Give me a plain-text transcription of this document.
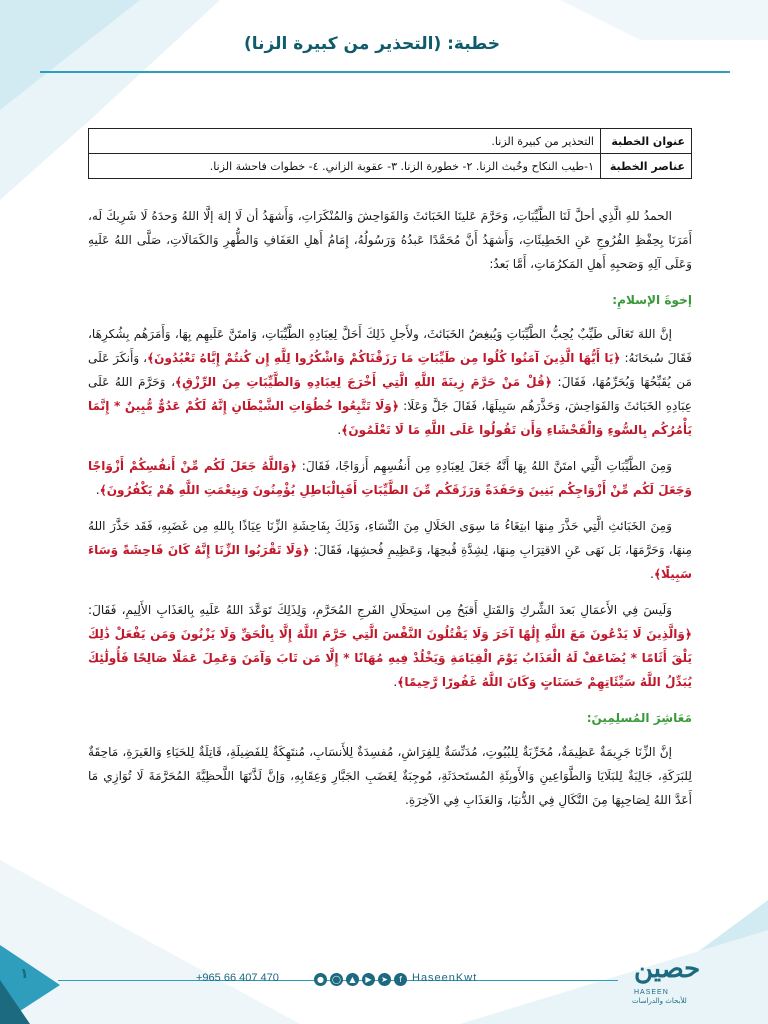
خطبة: (التحذير من كبيرة الزنا)
عنوان الخطبة	التحذير من كبيرة الزنا.
عناصر الخطبة	١-طيب النكاح وخُبث الزنا. ٢- خطورة الزنا. ٣- عقوبة الزاني. ٤- خطوات فاحشة الزنا.

الحمدُ للهِ الَّذِي أحلَّ لَنَا الطَّيِّبَاتِ، وَحَرَّمَ عَلينَا الخَبَائثَ وَالفَوَاحِشَ وَالمُنْكَرَاتِ، وَأَشهَدُ أن لَا إلهَ إلَّا اللهُ وَحدَهُ لَا شَرِيكَ لَه، أَمَرَنَا بِحِفْظِ الفُرُوجِ عَنِ الخَطِيئَاتِ، وَأَشهَدُ أَنَّ مُحَمَّدًا عَبدُهُ وَرَسُولُهُ، إِمَامُ أَهلِ العَفَافِ وَالطُّهرِ وَالكَمَالَاتِ، صَلَّى اللهُ عَلَيهِ وَعَلَى آلِهِ وَصَحبِهِ أَهلِ المَكرُمَاتِ، أَمَّا بَعدُ:

إخوةَ الإسلامِ:

إنَّ اللهَ تَعَالَى طَيِّبٌ يُحِبُّ الطَّيِّبَاتِ وَيُبغِضُ الخَبَائثَ، ولأَجلِ ذَلِكَ أَحَلَّ لِعِبَادِهِ الطَّيِّبَاتِ، وَامتَنَّ عَلَيهِم بِهَا، وَأَمَرَهُم بِشُكرِهَا، فَقَالَ سُبحَانَهُ: ﴿يَا أَيُّهَا الَّذِينَ آمَنُوا كُلُوا مِن طَيِّبَاتِ مَا رَزَقْنَاكُمْ وَاشْكُرُوا لِلَّهِ إِن كُنتُمْ إِيَّاهُ تَعْبُدُونَ﴾، وَأَنكَرَ عَلَى مَن يُقَبِّحُهَا وَيُحَرِّمُهَا، فَقَالَ: ﴿قُلْ مَنْ حَرَّمَ زِينَةَ اللَّهِ الَّتِي أَخْرَجَ لِعِبَادِهِ وَالطَّيِّبَاتِ مِنَ الرِّزْقِ﴾، وَحَرَّمَ اللهُ عَلَى عِبَادِهِ الخَبَائثَ وَالفَوَاحِشَ، وَحَذَّرَهُم سَبِيلَهَا، فَقَالَ جَلَّ وَعَلَا: ﴿وَلَا تَتَّبِعُوا خُطُوَاتِ الشَّيْطَانِ إِنَّهُ لَكُمْ عَدُوٌّ مُّبِينٌ * إِنَّمَا يَأْمُرُكُم بِالسُّوءِ وَالْفَحْشَاءِ وَأَن تَقُولُوا عَلَى اللَّهِ مَا لَا تَعْلَمُونَ﴾.

وَمِنَ الطَّيِّبَاتِ الَّتِي امتَنَّ اللهُ بِهَا أَنَّهُ جَعَلَ لِعِبَادِهِ مِن أَنفُسِهِم أَزوَاجًا، فَقَالَ: ﴿وَاللَّهُ جَعَلَ لَكُم مِّنْ أَنفُسِكُمْ أَزْوَاجًا وَجَعَلَ لَكُم مِّنْ أَزْوَاجِكُم بَنِينَ وَحَفَدَةً وَرَزَقَكُم مِّنَ الطَّيِّبَاتِ أَفَبِالْبَاطِلِ يُؤْمِنُونَ وَبِنِعْمَتِ اللَّهِ هُمْ يَكْفُرُونَ﴾.

وَمِنَ الخَبَائثِ الَّتِي حَذَّرَ مِنهَا ابتِغَاءُ مَا سِوَى الحَلَالِ مِنَ النِّسَاءِ، وَذَلِكَ بِفَاحِشَةِ الزِّنَا عِيَاذًا بِاللهِ مِن غَضَبِهِ، فَقَد حَذَّرَ اللهُ مِنهَا، وَحَرَّمَهَا، بَل نَهَى عَنِ الاقتِرَابِ مِنهَا، لِشِدَّةِ قُبحِهَا، وَعَظِيمِ فُحشِهَا، فَقَالَ: ﴿وَلَا تَقْرَبُوا الزِّنَا إِنَّهُ كَانَ فَاحِشَةً وَسَاءَ سَبِيلًا﴾.

وَلَيسَ فِي الأَعمَالِ بَعدَ الشِّركِ وَالقَتلِ أَقبَحُ مِن استِحلَالِ الفَرجِ المُحَرَّمِ، وَلِذَلِكَ تَوَعَّدَ اللهُ عَلَيهِ بِالعَذَابِ الأَلِيمِ، فَقَالَ: ﴿وَالَّذِينَ لَا يَدْعُونَ مَعَ اللَّهِ إِلَٰهًا آخَرَ وَلَا يَقْتُلُونَ النَّفْسَ الَّتِي حَرَّمَ اللَّهُ إِلَّا بِالْحَقِّ وَلَا يَزْنُونَ وَمَن يَفْعَلْ ذَٰلِكَ يَلْقَ أَثَامًا * يُضَاعَفْ لَهُ الْعَذَابُ يَوْمَ الْقِيَامَةِ وَيَخْلُدْ فِيهِ مُهَانًا * إِلَّا مَن تَابَ وَآمَنَ وَعَمِلَ عَمَلًا صَالِحًا فَأُولَٰئِكَ يُبَدِّلُ اللَّهُ سَيِّئَاتِهِمْ حَسَنَاتٍ وَكَانَ اللَّهُ غَفُورًا رَّحِيمًا﴾.

مَعَاشِرَ المُسلِمِينَ:

إنَّ الزِّنَا جَرِيمَةٌ عَظِيمَةٌ، مُخَرِّبَةٌ لِلبُيُوتِ، مُدَنِّسَةٌ لِلفِرَاشِ، مُفسِدَةٌ لِلأَنسَابِ، مُنتَهِكَةٌ لِلفَضِيلَةِ، قَاتِلَةٌ لِلحَيَاءِ وَالغَيرَةِ، مَاحِقَةٌ لِلبَرَكَةِ، جَالِبَةٌ لِلبَلَايَا وَالطَّوَاعِينِ وَالأَوبِئَةِ المُستَحدَثَةِ، مُوجِبَةٌ لِغَضَبِ الجَبَّارِ وَعِقَابِهِ، وَإنَّ لَذَّتَهَا اللَّحظِيَّةَ المُحَرَّمَةَ لَا تُوَازِي مَا أَعَدَّ اللهُ لِصَاحِبِهَا مِنَ النَّكَالِ فِي الدُّنيَا، وَالعَذَابِ فِي الآخِرَةِ.

١	+965 66 407 470	●	◯	▲	▶	➤	f HaseenKwt	حصين
HASEEN
للأبحاث والدراسات
